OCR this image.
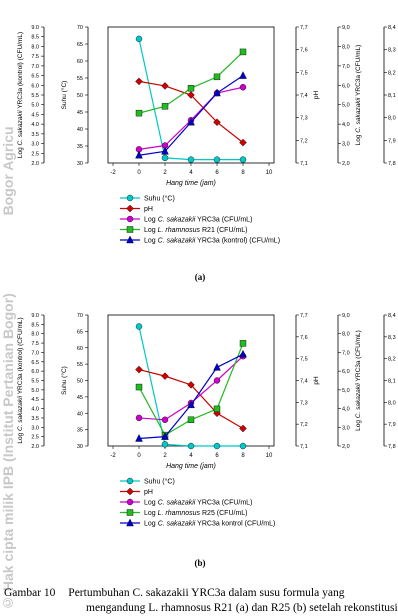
© Hak cipta milik IPB (Institut Pertanian Bogor)  Bogor Agricu	-2	0	2	4	6	8	10
Hang time (jam)
2.0
2.5
3.0
3.5
4.0
4.5
5.0
5.5
6.0
6.5
7.0
7.5
8.0
8.5
9.0
Log C. sakazakii YRC3a (kontrol) (CFU/mL)
30
35
40
45
50
55
60
65
70
Suhu (°C)
7,1
7,2
7,3
7,4
7,5
7,6
7,7
pH
2,0
3,0
4,0
5,0
6,0
7,0
8,0
9,0
Log C. sakazakii YRC3a (CFU/mL)
7,8
7,9
8,0
8,1
8,2
8,3
8,4
Suhu (°C)
pH
Log C. sakazakii YRC3a (CFU/mL)
Log L. rhamnosus R21 (CFU/mL)
Log C. sakazakii YRC3a (kontrol) (CFU/mL)
(a)
-2	0	2	4	6	8	10
Hang time (jam)
2.0
2.5
3.0
3.5
4.0
4.5
5.0
5.5
6.0
6.5
7.0
7.5
8.0
8.5
9.0
Log C. sakazakii YRC3a (kontrol) (CFU/mL)
30
35
40
45
50
55
60
65
70
Suhu (°C)
7,1
7,2
7,3
7,4
7,5
7,6
7,7
pH
2,0
3,0
4,0
5,0
6,0
7,0
8,0
9,0
Log C. sakazakii YRC3a (CFU/mL)
7,8
7,9
8,0
8,1
8,2
8,3
8,4
Suhu (°C)
pH
Log C. sakazakii YRC3a (CFU/mL)
Log L. rhamnosus R25 (CFU/mL)
Log C. sakazakii YRC3a kontrol (CFU/mL)
(b)
Gambar 10 Pertumbuhan C. sakazakii YRC3a dalam susu formula yang
mengandung L. rhamnosus R21 (a) dan R25 (b) setelah rekonstitusi
